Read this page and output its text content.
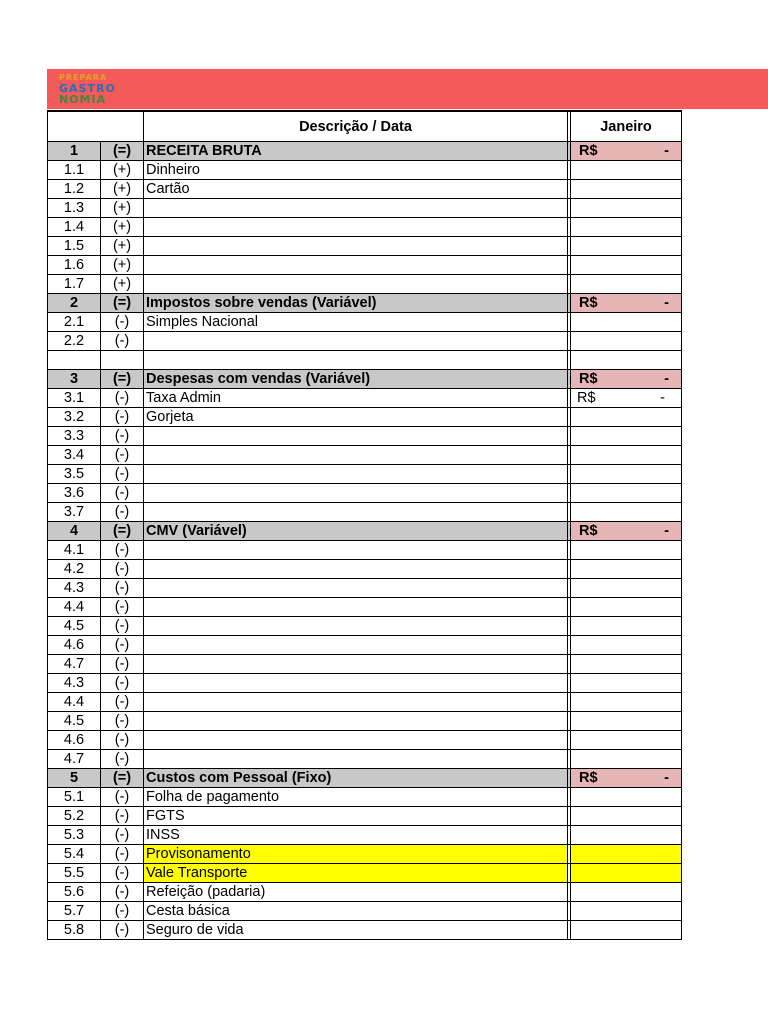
PREPARA
GASTRO
NOMIA
		Descrição / Data		Janeiro
1	(=)	RECEITA BRUTA		R$ -

1.1	(+)	Dinheiro		

1.2	(+)	Cartão		

1.3	(+)			

1.4	(+)			

1.5	(+)			

1.6	(+)			

1.7	(+)			

2	(=)	Impostos sobre vendas (Variável)		R$ -

2.1	(-)	Simples Nacional		

2.2	(-)			

3	(=)	Despesas com vendas (Variável)		R$ -

3.1	(-)	Taxa Admin		R$ -

3.2	(-)	Gorjeta		

3.3	(-)			

3.4	(-)			

3.5	(-)			

3.6	(-)			

3.7	(-)			

4	(=)	CMV (Variável)		R$ -

4.1	(-)			

4.2	(-)			

4.3	(-)			

4.4	(-)			

4.5	(-)			

4.6	(-)			

4.7	(-)			

4.3	(-)			

4.4	(-)			

4.5	(-)			

4.6	(-)			

4.7	(-)			

5	(=)	Custos com Pessoal (Fixo)		R$ -

5.1	(-)	Folha de pagamento		

5.2	(-)	FGTS		

5.3	(-)	INSS		

5.4	(-)	Provisonamento		

5.5	(-)	Vale Transporte		

5.6	(-)	Refeição (padaria)		

5.7	(-)	Cesta básica		

5.8	(-)	Seguro de vida		
